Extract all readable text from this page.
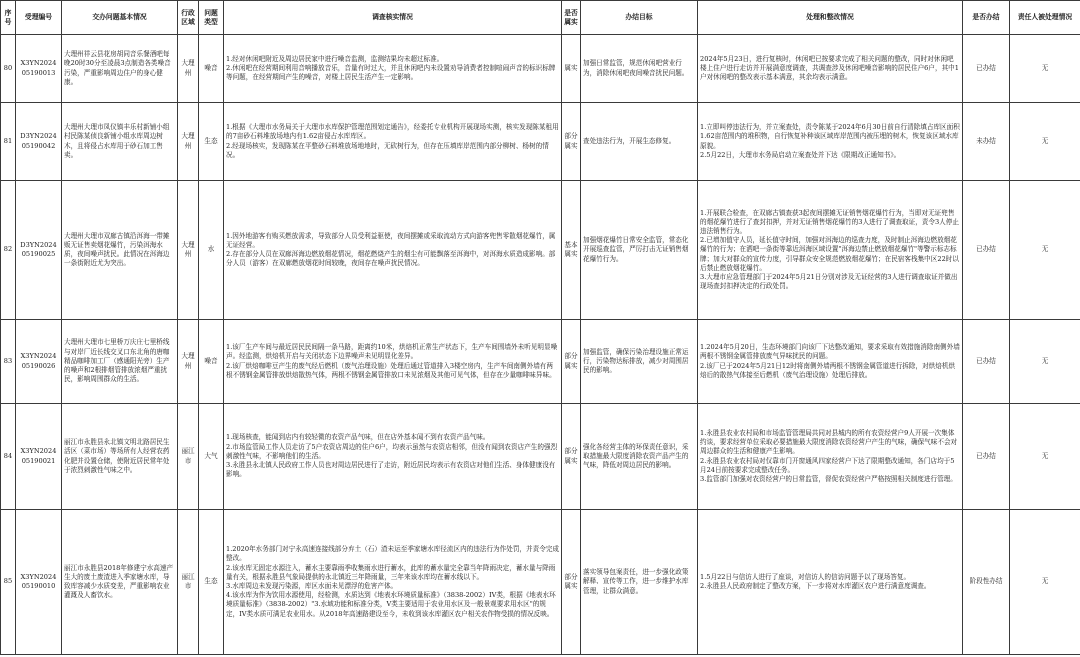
序号	受理编号	交办问题基本情况	行政区域	问题类型	调查核实情况	是否属实	办结目标	处理和整改情况	是否办结	责任人被处理情况
80	X3YN2024 05190013	大理州祥云县花房胡同音乐餐酒吧每晚20时30分至凌晨3点制造各类噪音污染，严重影响周边住户的身心健康。	大理州	噪音	1.经对休闲吧附近及周边居民家中进行噪音监测，监测结果均未超过标准。
2.休闲吧在经营期间利用音响播放音乐，音量有时过大，并且休闲吧内未设置劝导消费者控制喧闹声音的标识标牌等问题，在经营期间产生的噪音，对楼上居民生活产生一定影响。	属实	加强日常监管，规范休闲吧营业行为，消除休闲吧夜间噪音扰民问题。	2024年5月23日，进行复核时，休闲吧已按要求完成了相关问题的整改，同时对休闲吧楼上住户进行走访并开展满意度调查，共调查涉及休闲吧噪音影响的居民住户6户，其中1户对休闲吧的整改表示基本满意，其余均表示满意。	已办结	无
81	D3YN2024 05190042	大理州大理市凤仪镇丰乐村新铺小组村民陈某侦良新铺小组水库周边树木，且将侵占水库用于砂石加工售卖。	大理州	生态	1.根据《大理市水务局关于大理市水库保护管理范围划定通告》，经委托专业机构开展现场实测，核实发现陈某租用的7亩砂石料堆放场地内有1.62亩侵占水库库区。
2.经现场核实，发现陈某在平整砂石料堆放场地地时，无砍树行为，但存在压填库岸范围内部分柳树、杨树的情况。	部分属实	查处违法行为，开展生态修复。	1.立即叫停违法行为，并立案查处，责令陈某于2024年6月30日前自行清除填占库区面积1.62亩范围内的堆积物，自行恢复补种该区域库岸范围内被压埋的树木，恢复该区域水库原貌。
2.5月22日，大理市水务局启动立案查处并下达《限期改正通知书》。	未办结	无
82	D3YN2024 05190025	大理州大理市双廊古镇沿洱海一带摊贩无证售卖烟花爆竹，污染洱海水质，夜间噪声扰民。此情况在洱海边一条街附近尤为突出。	大理州	水	1.因外地游客有购买燃放需求，导致部分人员受利益驱使，夜间摆摊或采取流动方式向游客兜售零散烟花爆竹，属无证经营。
2.存在部分人员在双廊洱海边燃放烟花情况，烟花燃烧产生的烟尘有可能飘落至洱海中，对洱海水质造成影响。部分人员（游客）在双廊燃放烟花时间较晚，夜间存在噪声扰民情况。	基本属实	加强烟花爆竹日常安全监管，常态化开展巡查监管，严厉打击无证销售烟花爆竹行为。	1.开展联合检查，在双廊古镇查获3起夜间摆摊无证销售烟花爆竹行为，当即对无证兜售的烟花爆竹进行了查封扣押，并对无证销售烟花爆竹的3人进行了调查取证，责令3人停止违法销售行为。
2.已增加值守人员，延长值守时间，加强对洱海边的巡查力度，及时制止洱海边燃放烟花爆竹的行为；在洒吧一条街等靠近洱海区域设置"洱海边禁止燃放烟花爆竹"等警示标志标牌；加大对群众的宣传力度，引导群众安全规范燃放烟花爆竹；在民宿客栈集中区22时以后禁止燃放烟花爆竹。
3.大理市应急管理部门于2024年5月21日分别对涉及无证经营的3人进行调查取证并做出现场查封扣押决定的行政处罚。	已办结	无
83	X3YN2024 05190026	大理州大理市七里桥万庆庄七里桥线与对岸厂近长线交叉口东北角的唐咖精品咖啡加工厂（感通阳光旁）生产的噪声和2根排烟管排放浓烟严重扰民，影响周围群众的生活。	大理州	噪音	1.该厂生产车间与最近居民民间隔一条马路，距离约10米，烘焙机正常生产状态下，生产车间围墙外未听见明显噪声。经监测，烘焙机开启与关闭状态下边界噪声未见明显化差异。
2.该厂烘焙咖啡豆产生的废气经后燃机（废气治理设施）处理后通过管道排入3楼空房内，生产车间南侧外墙有两根不锈钢金属管排放烘焙散热气体，两根不锈钢金属管排放口未见浓烟及其他可见气体，但存在少量咖啡味异味。	部分属实	加强监管，确保污染治理设施正常运行，污染物达标排放，减少对周围居民的影响。	1.2024年5月20日，生态环境部门向该厂下达整改通知，要求采取有效措施消除南侧外墙两根不锈钢金属管排放废气异味扰民的问题。
2.该厂已于2024年5月21日12时将南侧外墙两根不锈钢金属管道进行拆除，对烘焙机烘焙后的散热气体接至后燃机（废气治理设施）处理后排放。	已办结	无
84	X3YN2024 05190021	丽江市永胜县永北镇文明北路居民生活区（菜市场）等场所有人经营农药化肥并设置仓储，使附近居民常年处于浓烈刺激性气味之中。	丽江市	大气	1.现场核查，能闻到店内有较轻微的农资产品气味，但在店外基本闻不到有农资产品气味。
2.市场监管局工作人员走访了5户农资店周边的住户6户，均表示虽然与农资店相邻，但没有闻到农资店产生的强烈刺激性气味，不影响他们的生活。
3.永胜县永北镇人民政府工作人员也对周边居民进行了走访，附近居民均表示有农资店对他们生活、身体健康没有影响。	部分属实	强化各经营主体的环保责任意识，采取措施最大限度消除农资产品产生的气味，降低对周边居民的影响。	1.永胜县农业农村局和市场监管管理局共同对县城内的所有农资经营户9人开展一次集体约谈，要求经营单位采取必要措施最大限度消除农资经营户产生的气味，确保气味不会对周边群众的生活和健康产生影响。
2.永胜县农业农村局对仅靠市门开窗通风四家经营户下达了限期整改通知，各门店均于5月24日前按要求完成整改任务。
3.监管部门加强对农资经营户的日常监管，督促农资经营户严格按照相关制度进行管理。	已办结	无
85	X3YN2024 05190010	丽江市永胜县2018年修建宁水高速产生大的废土废渣进入季家塘水库，导致库容减少水质变差，严重影响农业灌溉及人畜饮水。	丽江市	生态	1.2020年水务部门对宁永高速连接线部分弃土（石）渣未运至季家塘水库径流区内的违法行为作处罚，并责令完成整改。
2.该水库无固定水源注入，蓄水主要靠雨季收集雨水进行蓄水，此库的蓄水量完全靠当年降雨决定，蓄水量与降雨量有关，根据永胜县气象局提供的永北镇近三年降雨量，三年来该水库均在蓄水线以下。
3.水库周边未发现污染源，库区水面未见漂浮的危害产体。
4.该水库为作为饮用水源使用，经检测，水质达到《地表水环境质量标准》（3838-2002）IV类，根据《地表水环境质量标准》（3838-2002）"3.水域功能和标准分类，V类主要适用于农业用水区及一般景观要求用水区"的规定，IV类水质可满足农业用水。从2018年高速路建设至今，未收到该水库灌区农户相关农作物受损的情况反映。	部分属实	落实领导包案责任，进一步强化政策解释、宣传等工作，进一步维护水库管理，让群众满意。	1.5月22日与信访人进行了座谈，对信访人的信访问题予以了现场答复。
2.永胜县人民政府制定了整改方案，下一步将对水库灌区农户进行满意度调查。	阶段性办结	无
